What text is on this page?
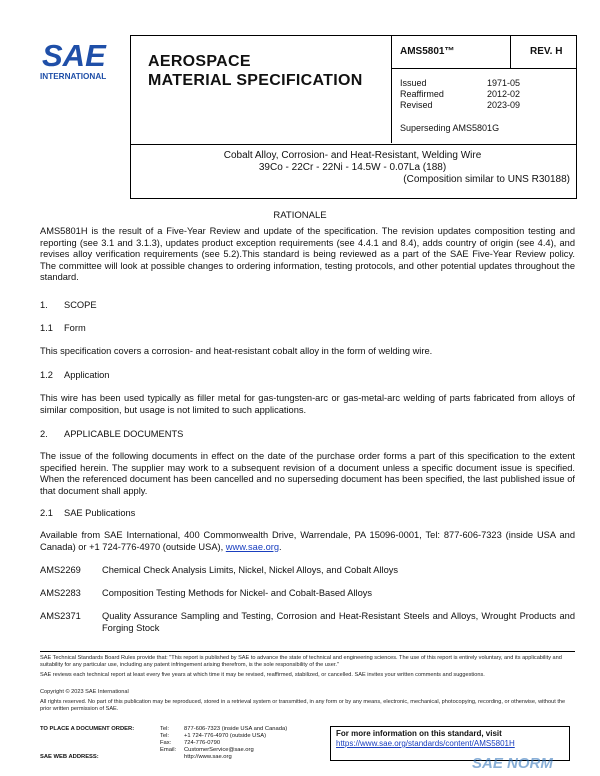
SAE
INTERNATIONAL
AEROSPACE
MATERIAL SPECIFICATION
AMS5801™	REV. H
Issued	1971-05
Reaffirmed	2012-02
Revised	2023-09
Superseding AMS5801G
Cobalt Alloy, Corrosion- and Heat-Resistant, Welding Wire
39Co - 22Cr - 22Ni - 14.5W - 0.07La (188)
(Composition similar to UNS R30188)
RATIONALE
AMS5801H is the result of a Five-Year Review and update of the specification. The revision updates composition testing and reporting (see 3.1 and 3.1.3), updates product exception requirements (see 4.4.1 and 8.4), adds country of origin (see 4.4), and revises alloy verification requirements (see 5.2).This standard is being reviewed as a part of the SAE Five-Year Review policy. The committee will look at possible changes to ordering information, testing protocols, and other potential updates throughout the standard.
1. SCOPE
1.1 Form
This specification covers a corrosion- and heat-resistant cobalt alloy in the form of welding wire.
1.2 Application
This wire has been used typically as filler metal for gas-tungsten-arc or gas-metal-arc welding of parts fabricated from alloys of similar composition, but usage is not limited to such applications.
2. APPLICABLE DOCUMENTS
The issue of the following documents in effect on the date of the purchase order forms a part of this specification to the extent specified herein. The supplier may work to a subsequent revision of a document unless a specific document issue is specified. When the referenced document has been cancelled and no superseding document has been specified, the last published issue of that document shall apply.
2.1 SAE Publications
Available from SAE International, 400 Commonwealth Drive, Warrendale, PA 15096-0001, Tel: 877-606-7323 (inside USA and Canada) or +1 724-776-4970 (outside USA), www.sae.org.
AMS2269	Chemical Check Analysis Limits, Nickel, Nickel Alloys, and Cobalt Alloys
AMS2283	Composition Testing Methods for Nickel- and Cobalt-Based Alloys
AMS2371	Quality Assurance Sampling and Testing, Corrosion and Heat-Resistant Steels and Alloys, Wrought Products and Forging Stock
SAE Technical Standards Board Rules provide that: "This report is published by SAE to advance the state of technical and engineering sciences. The use of this report is entirely voluntary, and its applicability and suitability for any particular use, including any patent infringement arising therefrom, is the sole responsibility of the user."
SAE reviews each technical report at least every five years at which time it may be revised, reaffirmed, stabilized, or cancelled. SAE invites your written comments and suggestions.
Copyright © 2023 SAE International
All rights reserved. No part of this publication may be reproduced, stored in a retrieval system or transmitted, in any form or by any means, electronic, mechanical, photocopying, recording, or otherwise, without the prior written permission of SAE.
TO PLACE A DOCUMENT ORDER:	Tel:	877-606-7323 (inside USA and Canada)
Tel:	+1 724-776-4970 (outside USA)
Fax: 724-776-0790
Email: CustomerService@sae.org
SAE WEB ADDRESS:	http://www.sae.org
For more information on this standard, visit
https://www.sae.org/standards/content/AMS5801H
SAE NORM
